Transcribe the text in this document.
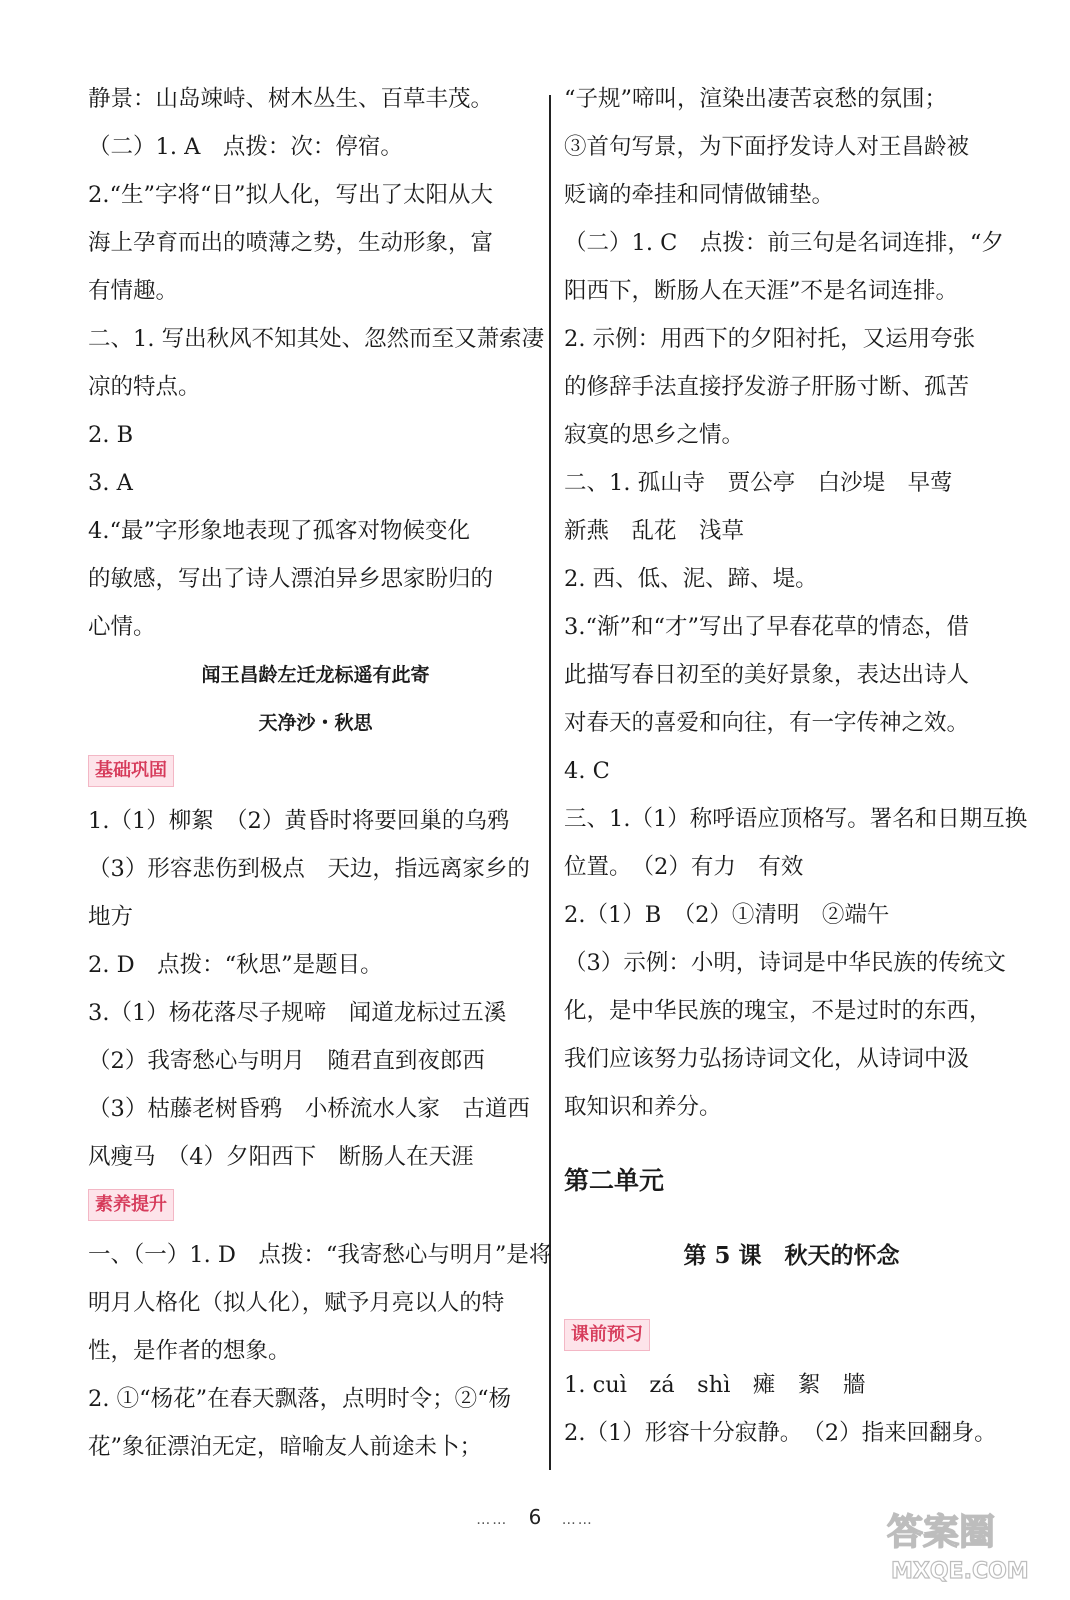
静景：山岛竦峙、树木丛生、百草丰茂。
（二）1. A　点拨：次：停宿。
2.“生”字将“日”拟人化，写出了太阳从大
海上孕育而出的喷薄之势，生动形象，富
有情趣。
二、1. 写出秋风不知其处、忽然而至又萧索凄
凉的特点。
2. B
3. A
4.“最”字形象地表现了孤客对物候变化
的敏感，写出了诗人漂泊异乡思家盼归的
心情。
闻王昌龄左迁龙标遥有此寄
天净沙・秋思
基础巩固
1.（1）柳絮　（2）黄昏时将要回巢的乌鸦
（3）形容悲伤到极点　天边，指远离家乡的
地方
2. D　点拨：“秋思”是题目。
3.（1）杨花落尽子规啼　闻道龙标过五溪
（2）我寄愁心与明月　随君直到夜郎西
（3）枯藤老树昏鸦　小桥流水人家　古道西
风瘦马　（4）夕阳西下　断肠人在天涯
素养提升
一、（一）1. D　点拨：“我寄愁心与明月”是将
明月人格化（拟人化），赋予月亮以人的特
性，是作者的想象。
2. ①“杨花”在春天飘落，点明时令；②“杨
花”象征漂泊无定，暗喻友人前途未卜；
“子规”啼叫，渲染出凄苦哀愁的氛围；
③首句写景，为下面抒发诗人对王昌龄被
贬谪的牵挂和同情做铺垫。
（二）1. C　点拨：前三句是名词连排，“夕
阳西下，断肠人在天涯”不是名词连排。
2. 示例：用西下的夕阳衬托，又运用夸张
的修辞手法直接抒发游子肝肠寸断、孤苦
寂寞的思乡之情。
二、1. 孤山寺　贾公亭　白沙堤　早莺
新燕　乱花　浅草
2. 西、低、泥、蹄、堤。
3.“渐”和“才”写出了早春花草的情态，借
此描写春日初至的美好景象，表达出诗人
对春天的喜爱和向往，有一字传神之效。
4. C
三、1.（1）称呼语应顶格写。署名和日期互换
位置。　（2）有力　有效
2.（1）B　（2）①清明　②端午
（3）示例：小明，诗词是中华民族的传统文
化，是中华民族的瑰宝，不是过时的东西，
我们应该努力弘扬诗词文化，从诗词中汲
取知识和养分。
第二单元
第 5 课　秋天的怀念
课前预习
1. cuì　zá　shì　瘫　絮　牆
2.（1）形容十分寂静。　（2）指来回翻身。
…… 6 ……	答案圈
MXQE.COM
